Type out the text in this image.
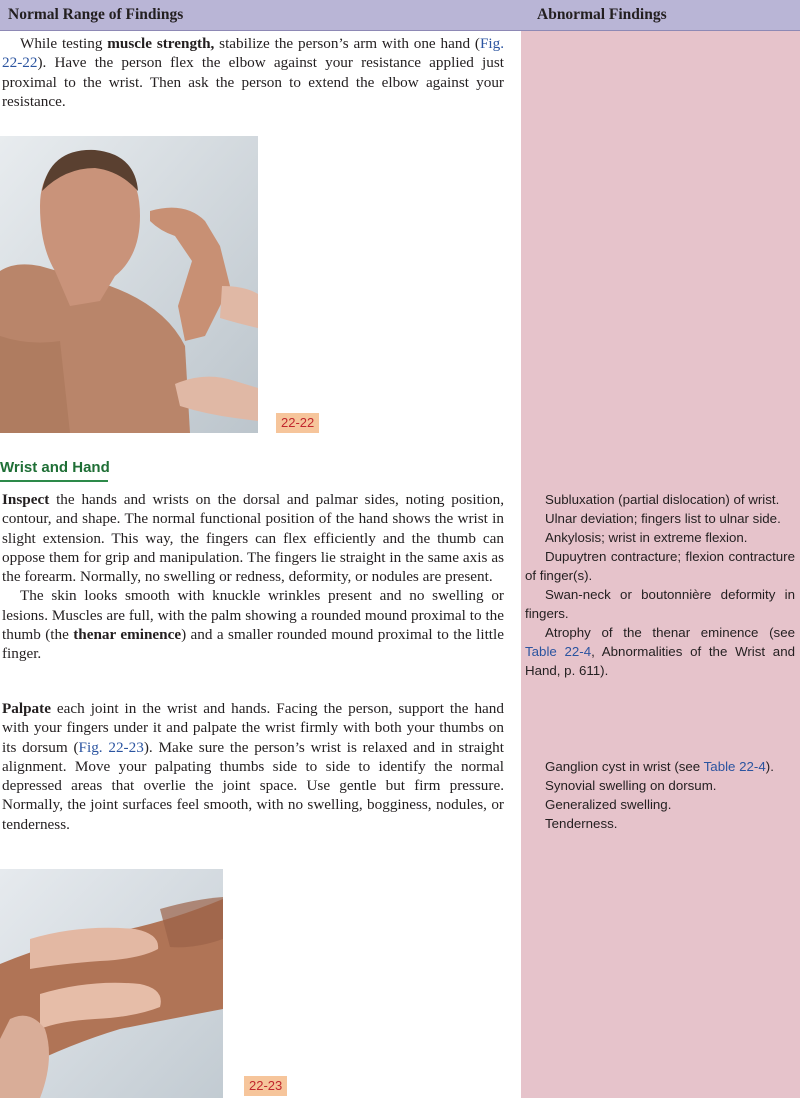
Normal Range of Findings	Abnormal Findings

While testing muscle strength, stabilize the person’s arm with one hand (Fig. 22-22). Have the person flex the elbow against your resistance applied just proximal to the wrist. Then ask the person to extend the elbow against your resistance.

22-22
Wrist and Hand

Inspect the hands and wrists on the dorsal and palmar sides, noting position, contour, and shape. The normal functional position of the hand shows the wrist in slight extension. This way, the fingers can flex efficiently and the thumb can oppose them for grip and manipulation. The fingers lie straight in the same axis as the forearm. Normally, no swelling or redness, deformity, or nodules are present.
The skin looks smooth with knuckle wrinkles present and no swelling or lesions. Muscles are full, with the palm showing a rounded mound proximal to the thumb (the thenar eminence) and a smaller rounded mound proximal to the little finger.

Palpate each joint in the wrist and hands. Facing the person, support the hand with your fingers under it and palpate the wrist firmly with both your thumbs on its dorsum (Fig. 22-23). Make sure the person’s wrist is relaxed and in straight alignment. Move your palpating thumbs side to side to identify the normal depressed areas that overlie the joint space. Use gentle but firm pressure. Normally, the joint surfaces feel smooth, with no swelling, bogginess, nodules, or tenderness.

22-23

Subluxation (partial dislocation) of wrist.

Ulnar deviation; fingers list to ulnar side.

Ankylosis; wrist in extreme flexion.

Dupuytren contracture; flexion contracture of finger(s).

Swan-neck or boutonnière deformity in fingers.

Atrophy of the thenar eminence (see Table 22-4, Abnormalities of the Wrist and Hand, p. 611).

Ganglion cyst in wrist (see Table 22-4).

Synovial swelling on dorsum.

Generalized swelling.

Tenderness.
